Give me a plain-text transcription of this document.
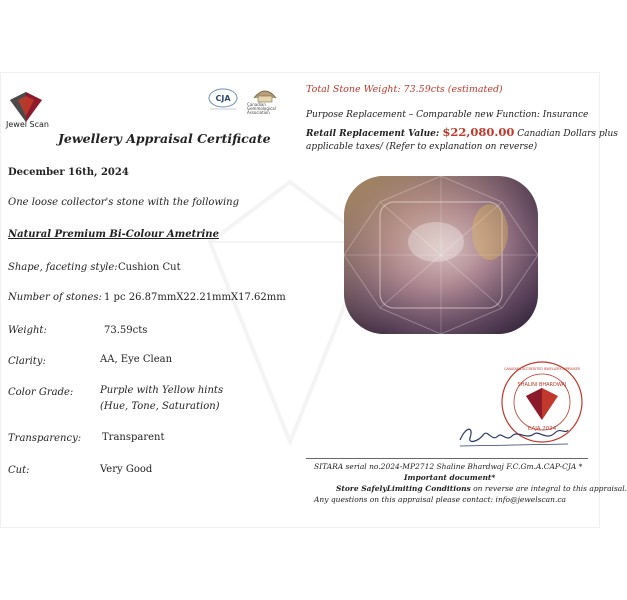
Jewel Scan
CJA
Canadian Gemmological Association
Jewellery Appraisal Certificate
December 16th, 2024
One loose collector's stone with the following
Natural Premium Bi-Colour Ametrine
Shape, faceting style: Cushion Cut
Number of stones: 1 pc 26.87mmX22.21mmX17.62mm
Weight:	73.59cts
Clarity:	AA, Eye Clean
Color Grade:	Purple with Yellow hints
(Hue, Tone, Saturation)
Transparency: Transparent
Cut:	Very Good
Total Stone Weight: 73.59cts (estimated)
Purpose Replacement – Comparable new Function: Insurance
Retail Replacement Value: $22,080.00 Canadian Dollars plus
applicable taxes/ (Refer to explanation on reverse)
SHALINI BHARDWAJ
CAJA 2024
CANADIAN ACCREDITED JEWELLERY APPRAISER
SITARA serial no.2024-MP2712 Shaline Bhardwaj F.C.Gm.A.CAP-CJA *
Important document*
Store SafelyLimiting Conditions on reverse are integral to this appraisal.
Any questions on this appraisal please contact: info@jewelscan.ca
